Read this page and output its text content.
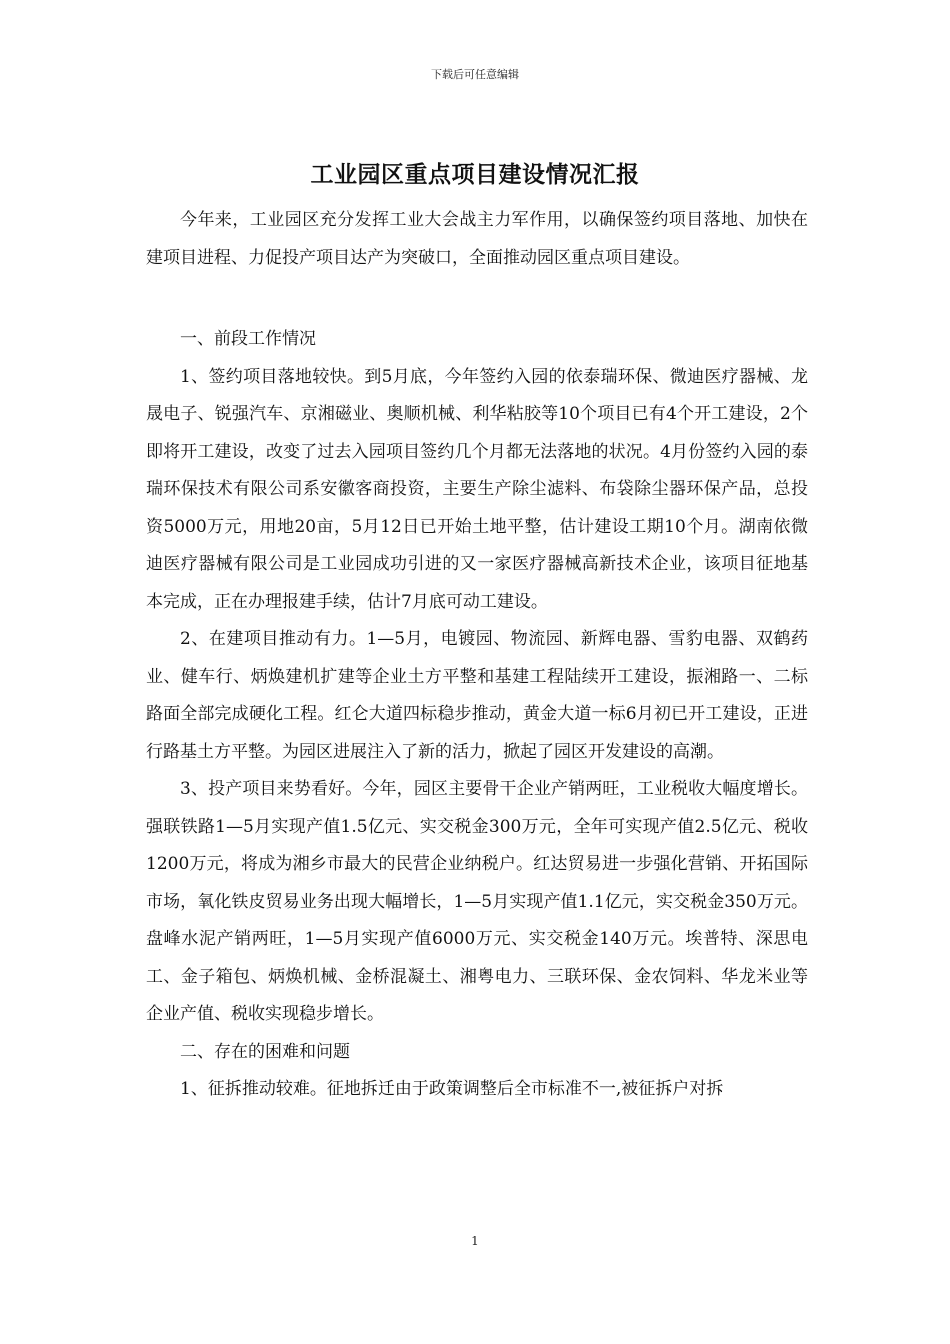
下载后可任意编辑
工业园区重点项目建设情况汇报

今年来，工业园区充分发挥工业大会战主力军作用，以确保签约项目落地、加快在建项目进程、力促投产项目达产为突破口，全面推动园区重点项目建设。

一、前段工作情况

1、签约项目落地较快。到5月底，今年签约入园的依泰瑞环保、微迪医疗器械、龙晟电子、锐强汽车、京湘磁业、奥顺机械、利华粘胶等10个项目已有4个开工建设，2个即将开工建设，改变了过去入园项目签约几个月都无法落地的状况。4月份签约入园的泰瑞环保技术有限公司系安徽客商投资，主要生产除尘滤料、布袋除尘器环保产品，总投资5000万元，用地20亩，5月12日已开始土地平整，估计建设工期10个月。湖南依微迪医疗器械有限公司是工业园成功引进的又一家医疗器械高新技术企业，该项目征地基本完成，正在办理报建手续，估计7月底可动工建设。

2、在建项目推动有力。1—5月，电镀园、物流园、新辉电器、雪豹电器、双鹤药业、健车行、炳焕建机扩建等企业土方平整和基建工程陆续开工建设，振湘路一、二标路面全部完成硬化工程。红仑大道四标稳步推动，黄金大道一标6月初已开工建设，正进行路基土方平整。为园区进展注入了新的活力，掀起了园区开发建设的高潮。

3、投产项目来势看好。今年，园区主要骨干企业产销两旺，工业税收大幅度增长。强联铁路1—5月实现产值1.5亿元、实交税金300万元，全年可实现产值2.5亿元、税收1200万元，将成为湘乡市最大的民营企业纳税户。红达贸易进一步强化营销、开拓国际市场，氧化铁皮贸易业务出现大幅增长，1—5月实现产值1.1亿元，实交税金350万元。盘峰水泥产销两旺，1—5月实现产值6000万元、实交税金140万元。埃普特、深思电工、金子箱包、炳焕机械、金桥混凝土、湘粤电力、三联环保、金农饲料、华龙米业等企业产值、税收实现稳步增长。

二、存在的困难和问题

1、征拆推动较难。征地拆迁由于政策调整后全市标准不一,被征拆户对拆

1
